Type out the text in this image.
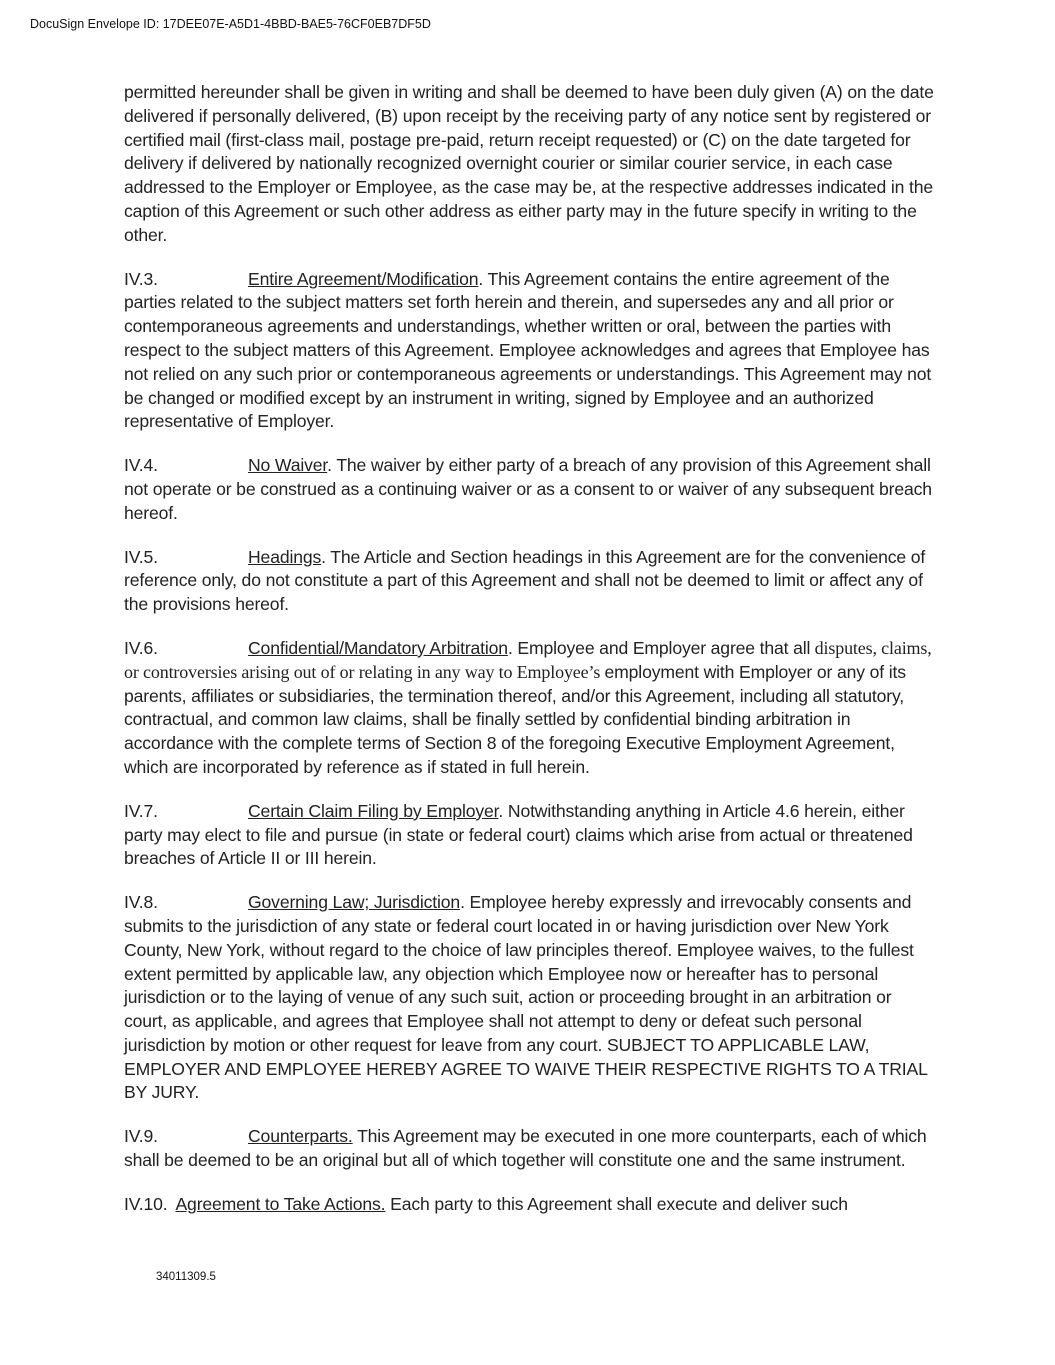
DocuSign Envelope ID: 17DEE07E-A5D1-4BBD-BAE5-76CF0EB7DF5D

permitted hereunder shall be given in writing and shall be deemed to have been duly given (A) on the date delivered if personally delivered, (B) upon receipt by the receiving party of any notice sent by registered or certified mail (first-class mail, postage pre-paid, return receipt requested) or (C) on the date targeted for delivery if delivered by nationally recognized overnight courier or similar courier service, in each case addressed to the Employer or Employee, as the case may be, at the respective addresses indicated in the caption of this Agreement or such other address as either party may in the future specify in writing to the other.

IV.3.	Entire Agreement/Modification. This Agreement contains the entire agreement of the parties related to the subject matters set forth herein and therein, and supersedes any and all prior or contemporaneous agreements and understandings, whether written or oral, between the parties with respect to the subject matters of this Agreement. Employee acknowledges and agrees that Employee has not relied on any such prior or contemporaneous agreements or understandings. This Agreement may not be changed or modified except by an instrument in writing, signed by Employee and an authorized representative of Employer.

IV.4.	No Waiver. The waiver by either party of a breach of any provision of this Agreement shall not operate or be construed as a continuing waiver or as a consent to or waiver of any subsequent breach hereof.

IV.5.	Headings. The Article and Section headings in this Agreement are for the convenience of reference only, do not constitute a part of this Agreement and shall not be deemed to limit or affect any of the provisions hereof.

IV.6.	Confidential/Mandatory Arbitration. Employee and Employer agree that all disputes, claims, or controversies arising out of or relating in any way to Employee’s employment with Employer or any of its parents, affiliates or subsidiaries, the termination thereof, and/or this Agreement, including all statutory, contractual, and common law claims, shall be finally settled by confidential binding arbitration in accordance with the complete terms of Section 8 of the foregoing Executive Employment Agreement, which are incorporated by reference as if stated in full herein.

IV.7.	Certain Claim Filing by Employer. Notwithstanding anything in Article 4.6 herein, either party may elect to file and pursue (in state or federal court) claims which arise from actual or threatened breaches of Article II or III herein.

IV.8.	Governing Law; Jurisdiction. Employee hereby expressly and irrevocably consents and submits to the jurisdiction of any state or federal court located in or having jurisdiction over New York County, New York, without regard to the choice of law principles thereof. Employee waives, to the fullest extent permitted by applicable law, any objection which Employee now or hereafter has to personal jurisdiction or to the laying of venue of any such suit, action or proceeding brought in an arbitration or court, as applicable, and agrees that Employee shall not attempt to deny or defeat such personal jurisdiction by motion or other request for leave from any court. SUBJECT TO APPLICABLE LAW, EMPLOYER AND EMPLOYEE HEREBY AGREE TO WAIVE THEIR RESPECTIVE RIGHTS TO A TRIAL BY JURY.

IV.9.	Counterparts. This Agreement may be executed in one more counterparts, each of which shall be deemed to be an original but all of which together will constitute one and the same instrument.

IV.10. Agreement to Take Actions. Each party to this Agreement shall execute and deliver such

34011309.5
